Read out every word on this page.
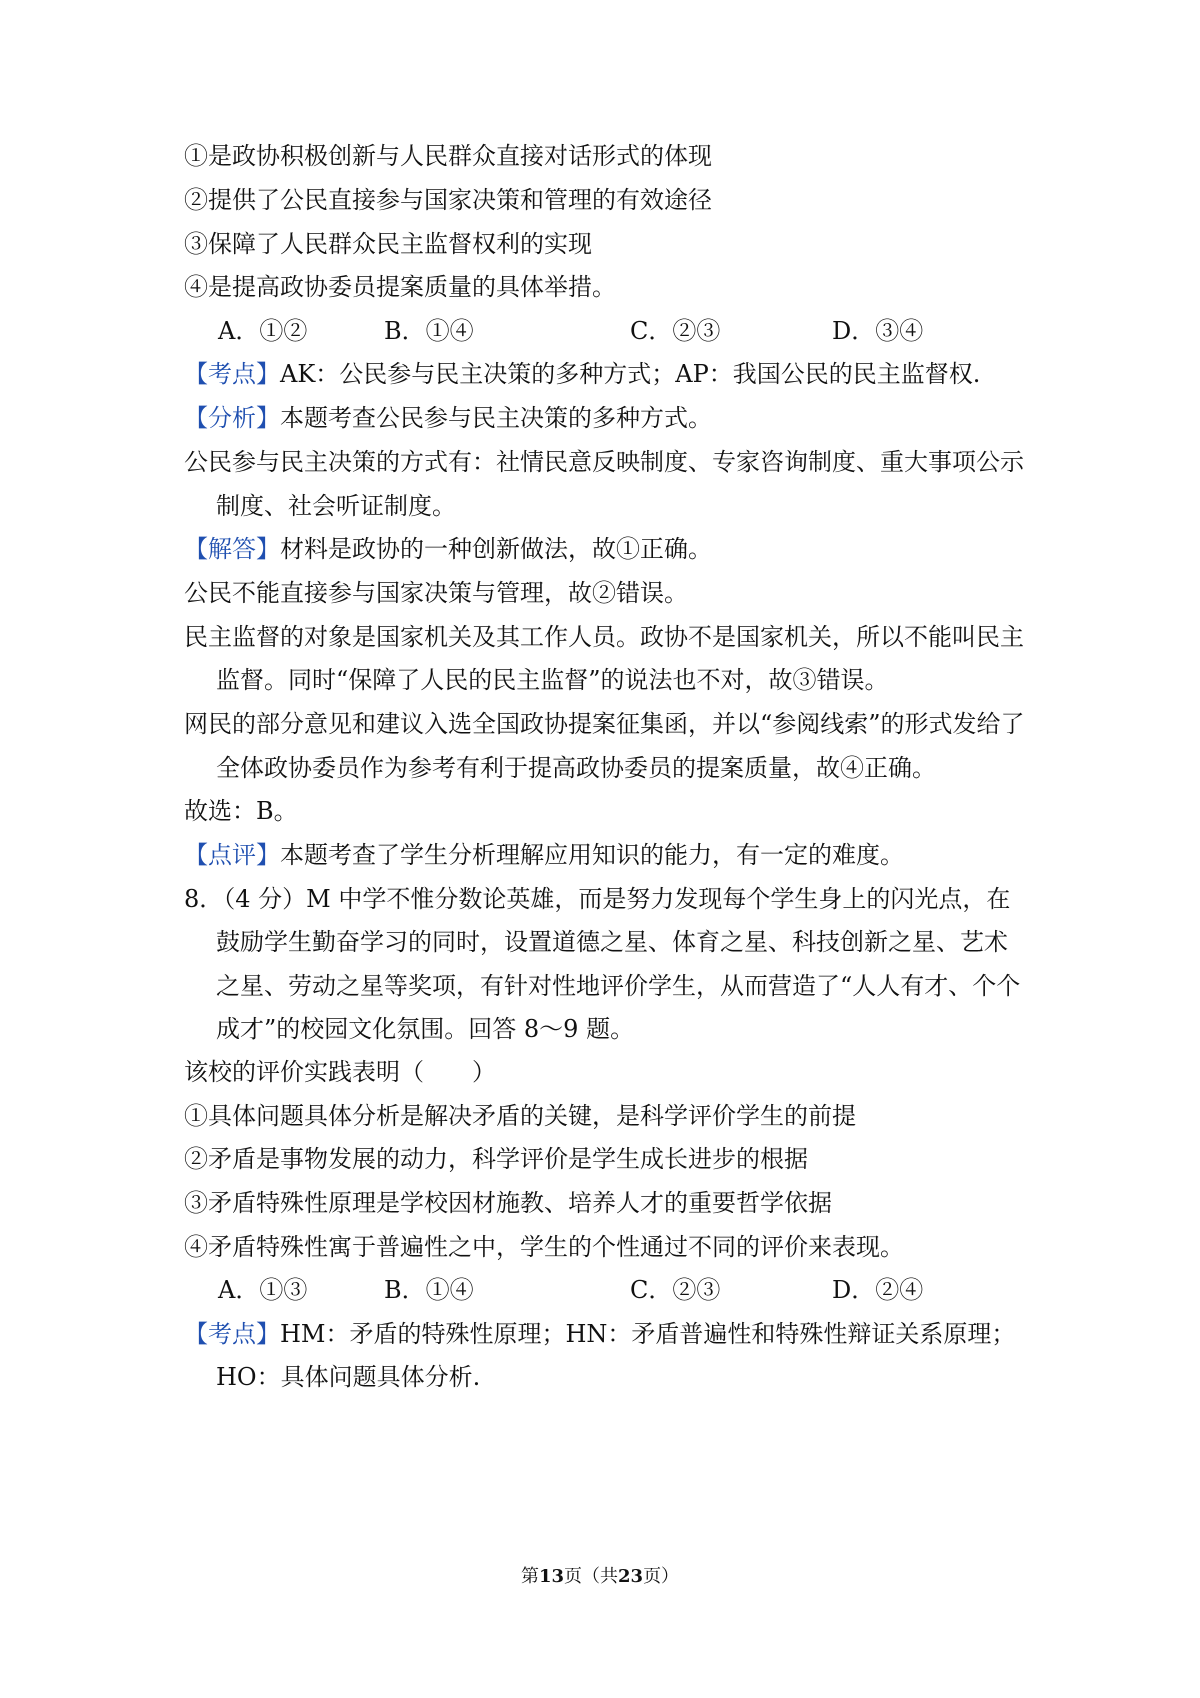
①是政协积极创新与人民群众直接对话形式的体现
②提供了公民直接参与国家决策和管理的有效途径
③保障了人民群众民主监督权利的实现
④是提高政协委员提案质量的具体举措。
A．①②	B．①④	C．②③	D．③④
【考点】AK：公民参与民主决策的多种方式；AP：我国公民的民主监督权.
【分析】本题考查公民参与民主决策的多种方式。
公民参与民主决策的方式有：社情民意反映制度、专家咨询制度、重大事项公示
制度、社会听证制度。
【解答】材料是政协的一种创新做法，故①正确。
公民不能直接参与国家决策与管理，故②错误。
民主监督的对象是国家机关及其工作人员。政协不是国家机关，所以不能叫民主
监督。同时“保障了人民的民主监督”的说法也不对，故③错误。
网民的部分意见和建议入选全国政协提案征集函，并以“参阅线索”的形式发给了
全体政协委员作为参考有利于提高政协委员的提案质量，故④正确。
故选：B。
【点评】本题考查了学生分析理解应用知识的能力，有一定的难度。
8．（4 分）M 中学不惟分数论英雄，而是努力发现每个学生身上的闪光点，在
鼓励学生勤奋学习的同时，设置道德之星、体育之星、科技创新之星、艺术
之星、劳动之星等奖项，有针对性地评价学生，从而营造了“人人有才、个个
成才”的校园文化氛围。回答 8～9 题。
该校的评价实践表明（　　）
①具体问题具体分析是解决矛盾的关键，是科学评价学生的前提
②矛盾是事物发展的动力，科学评价是学生成长进步的根据
③矛盾特殊性原理是学校因材施教、培养人才的重要哲学依据
④矛盾特殊性寓于普遍性之中，学生的个性通过不同的评价来表现。
A．①③	B．①④	C．②③	D．②④
【考点】HM：矛盾的特殊性原理；HN：矛盾普遍性和特殊性辩证关系原理；
HO：具体问题具体分析.
第13页（共23页）
